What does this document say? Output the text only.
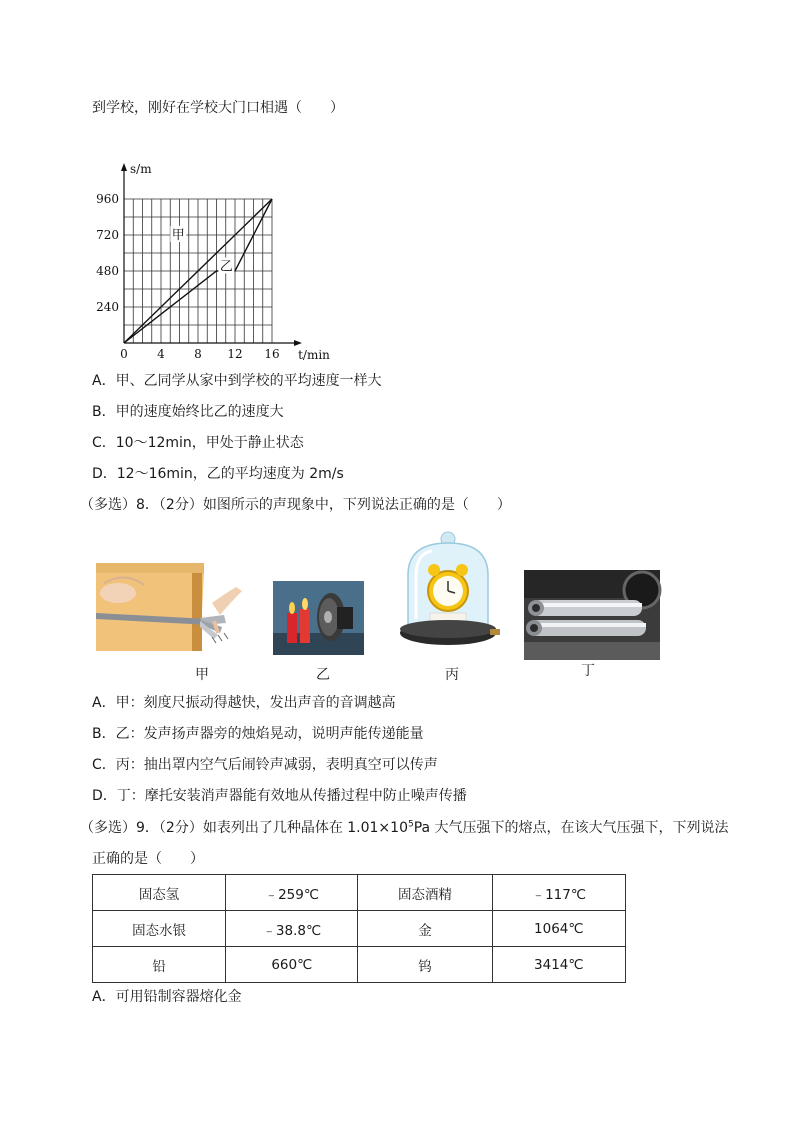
到学校，刚好在学校大门口相遇（　　）
s/m
t/min
0 4 8 12 16
240
480
720
960
甲
乙
A．甲、乙同学从家中到学校的平均速度一样大
B．甲的速度始终比乙的速度大
C．10～12min，甲处于静止状态
D．12～16min，乙的平均速度为 2m/s
（多选）8．（2分）如图所示的声现象中，下列说法正确的是（　　）
甲	乙	丙	丁
A．甲：刻度尺振动得越快，发出声音的音调越高
B．乙：发声扬声器旁的烛焰晃动，说明声能传递能量
C．丙：抽出罩内空气后闹铃声减弱，表明真空可以传声
D．丁：摩托安装消声器能有效地从传播过程中防止噪声传播
（多选）9．（2分）如表列出了几种晶体在 $1.01\times 10^5Pa$ 大气压强下的熔点，在该大气压强下，下列说法
正确的是（　　）
固态氢	﹣259℃	固态酒精	﹣117℃
固态水银	﹣38.8℃	金	1064℃
铅	660℃	钨	3414℃
A．可用铅制容器熔化金
